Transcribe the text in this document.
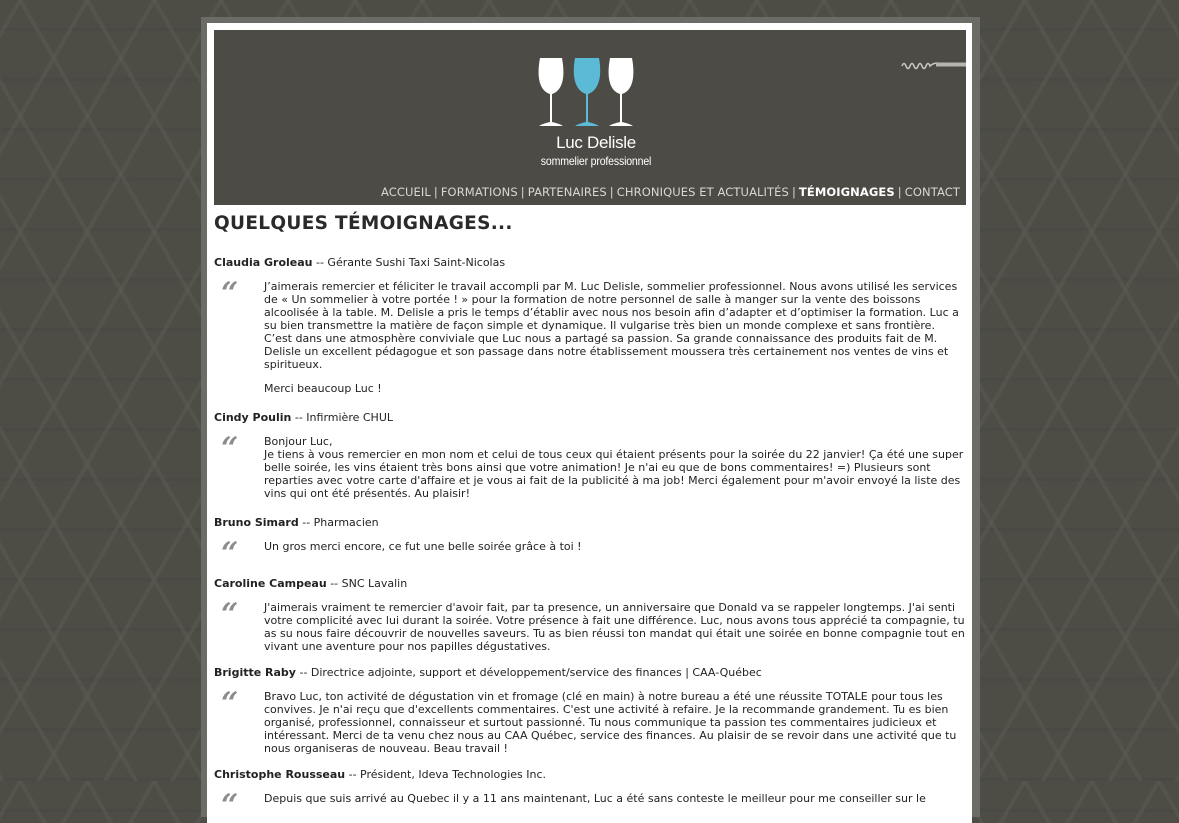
Luc Delisle
sommelier professionnel
ACCUEIL | FORMATIONS | PARTENAIRES | CHRONIQUES ET ACTUALITÉS | TÉMOIGNAGES | CONTACT
QUELQUES TÉMOIGNAGES...

Claudia Groleau -- Gérante Sushi Taxi Saint-Nicolas

“ J’aimerais remercier et féliciter le travail accompli par M. Luc Delisle, sommelier professionnel. Nous avons utilisé les services de « Un sommelier à votre portée ! » pour la formation de notre personnel de salle à manger sur la vente des boissons alcoolisée à la table. M. Delisle a pris le temps d’établir avec nous nos besoin afin d’adapter et d’optimiser la formation. Luc a su bien transmettre la matière de façon simple et dynamique. Il vulgarise très bien un monde complexe et sans frontière. C’est dans une atmosphère conviviale que Luc nous a partagé sa passion. Sa grande connaissance des produits fait de M. Delisle un excellent pédagogue et son passage dans notre établissement moussera très certainement nos ventes de vins et spiritueux.

Merci beaucoup Luc !

Cindy Poulin -- Infirmière CHUL

“ Bonjour Luc,
Je tiens à vous remercier en mon nom et celui de tous ceux qui étaient présents pour la soirée du 22 janvier! Ça été une super belle soirée, les vins étaient très bons ainsi que votre animation! Je n'ai eu que de bons commentaires! =) Plusieurs sont reparties avec votre carte d'affaire et je vous ai fait de la publicité à ma job! Merci également pour m'avoir envoyé la liste des vins qui ont été présentés. Au plaisir!

Bruno Simard -- Pharmacien

“ Un gros merci encore, ce fut une belle soirée grâce à toi !

Caroline Campeau -- SNC Lavalin

“ J'aimerais vraiment te remercier d'avoir fait, par ta presence, un anniversaire que Donald va se rappeler longtemps. J'ai senti votre complicité avec lui durant la soirée. Votre présence à fait une différence. Luc, nous avons tous apprécié ta compagnie, tu as su nous faire découvrir de nouvelles saveurs. Tu as bien réussi ton mandat qui était une soirée en bonne compagnie tout en vivant une aventure pour nos papilles dégustatives.

Brigitte Raby -- Directrice adjointe, support et développement/service des finances | CAA-Québec

“ Bravo Luc, ton activité de dégustation vin et fromage (clé en main) à notre bureau a été une réussite TOTALE pour tous les convives. Je n'ai reçu que d'excellents commentaires. C'est une activité à refaire. Je la recommande grandement. Tu es bien organisé, professionnel, connaisseur et surtout passionné. Tu nous communique ta passion tes commentaires judicieux et intéressant. Merci de ta venu chez nous au CAA Québec, service des finances. Au plaisir de se revoir dans une activité que tu nous organiseras de nouveau. Beau travail !

Christophe Rousseau -- Président, Ideva Technologies Inc.

“ Depuis que suis arrivé au Quebec il y a 11 ans maintenant, Luc a été sans conteste le meilleur pour me conseiller sur le
